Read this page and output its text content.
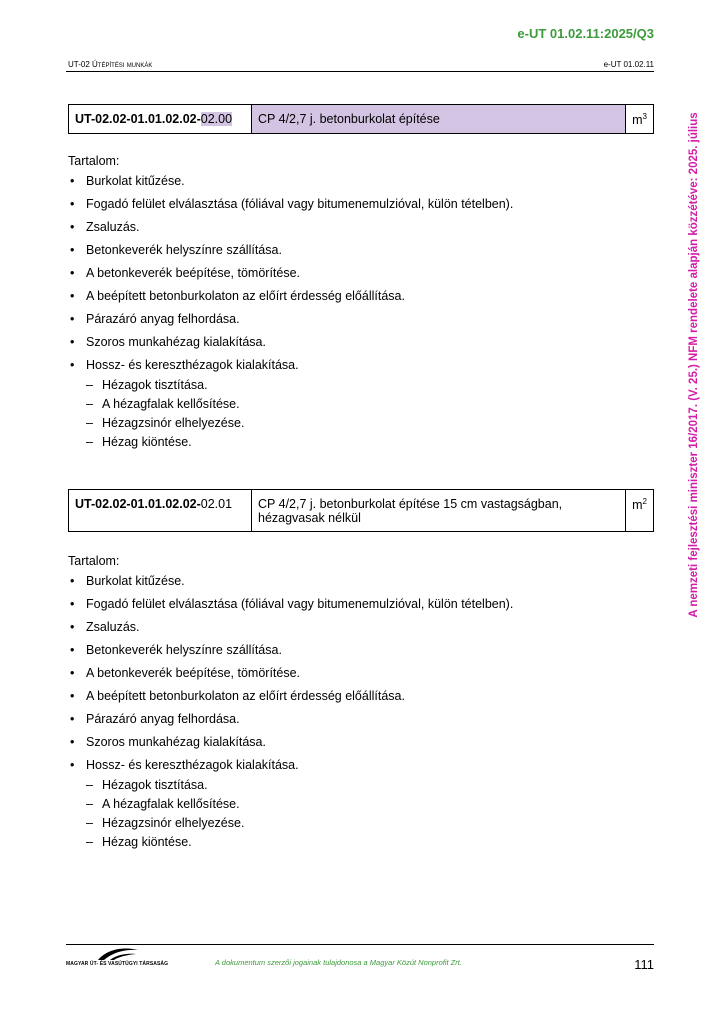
e-UT 01.02.11:2025/Q3
UT-02 Útépítési munkák	e-UT 01.02.11
UT-02.02-01.01.02.02-02.00	CP 4/2,7 j. betonburkolat építése	$m^3$

Tartalom:

• Burkolat kitűzése.
• Fogadó felület elválasztása (fóliával vagy bitumenemulzióval, külön tételben).
• Zsaluzás.
• Betonkeverék helyszínre szállítása.
• A betonkeverék beépítése, tömörítése.
• A beépített betonburkolaton az előírt érdesség előállítása.
• Párazáró anyag felhordása.
• Szoros munkahézag kialakítása.
• Hossz- és kereszthézagok kialakítása.
– Hézagok tisztítása.
– A hézagfalak kellősítése.
– Hézagzsinór elhelyezése.
– Hézag kiöntése.
UT-02.02-01.01.02.02-02.01	CP 4/2,7 j. betonburkolat építése 15 cm vastagságban, hézagvasak nélkül	$m^2$

Tartalom:

• Burkolat kitűzése.
• Fogadó felület elválasztása (fóliával vagy bitumenemulzióval, külön tételben).
• Zsaluzás.
• Betonkeverék helyszínre szállítása.
• A betonkeverék beépítése, tömörítése.
• A beépített betonburkolaton az előírt érdesség előállítása.
• Párazáró anyag felhordása.
• Szoros munkahézag kialakítása.
• Hossz- és kereszthézagok kialakítása.
– Hézagok tisztítása.
– A hézagfalak kellősítése.
– Hézagzsinór elhelyezése.
– Hézag kiöntése.
A nemzeti fejlesztési miniszter 16/2017. (V. 25.) NFM rendelete alapján közzétéve: 2025. július
MAGYAR ÚT- ÉS VASÚTÜGYI TÁRSASÁG	A dokumentum szerzői jogainak tulajdonosa a Magyar Közút Nonprofit Zrt.	111
